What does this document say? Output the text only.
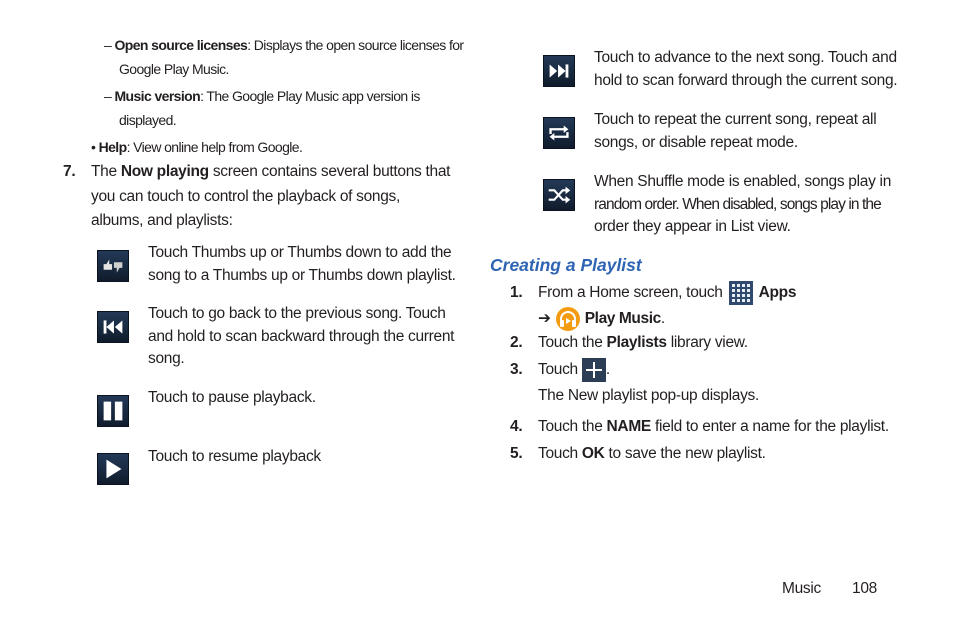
– Open source licenses: Displays the open source licenses for
Google Play Music.
– Music version: The Google Play Music app version is
displayed.
• Help: View online help from Google.
7. The Now playing screen contains several buttons that
you can touch to control the playback of songs,
albums, and playlists:
Touch Thumbs up or Thumbs down to add the
song to a Thumbs up or Thumbs down playlist.
Touch to go back to the previous song. Touch
and hold to scan backward through the current
song.
Touch to pause playback.
Touch to resume playback
Touch to advance to the next song. Touch and
hold to scan forward through the current song.
Touch to repeat the current song, repeat all
songs, or disable repeat mode.
When Shuffle mode is enabled, songs play in
random order. When disabled, songs play in the
order they appear in List view.
Creating a Playlist
1. From a Home screen, touch  Apps
➔ Play Music.
2. Touch the Playlists library view.
3. Touch .
The New playlist pop-up displays.
4. Touch the NAME field to enter a name for the playlist.
5. Touch OK to save the new playlist.
Music 108
